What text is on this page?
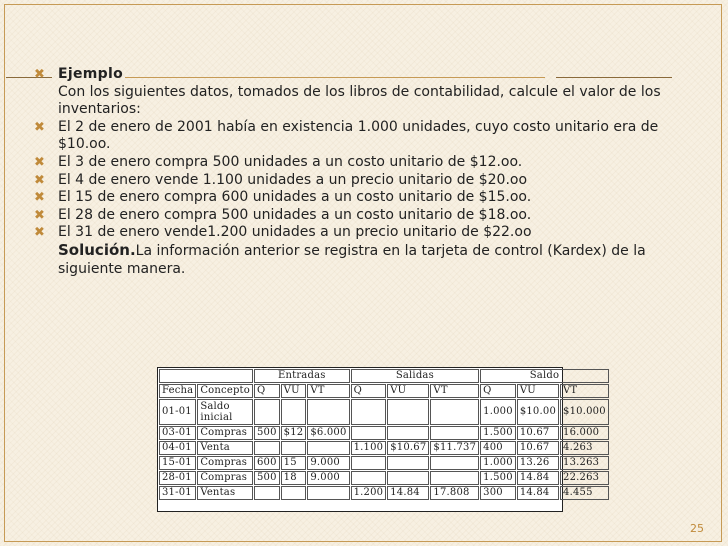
✖ Ejemplo
Con los siguientes datos, tomados de los libros de contabilidad, calcule el valor de los inventarios:
✖ El 2 de enero de 2001 había en existencia 1.000 unidades, cuyo costo unitario era de $10.oo.
✖ El 3 de enero compra 500 unidades a un costo unitario de $12.oo.
✖ El 4 de enero vende 1.100 unidades a un precio unitario de $20.oo
✖ El 15 de enero compra 600 unidades a un costo unitario de $15.oo.
✖ El 28 de enero compra 500 unidades a un costo unitario de $18.oo.
✖ El 31 de enero vende1.200 unidades a un precio unitario de $22.oo
Solución.La información anterior se registra en la tarjeta de control (Kardex) de la siguiente manera.
		Entradas			Salidas			Saldo		
Fecha	Concepto	Q	VU	VT	Q	VU	VT	Q	VU	VT
01-01	Saldo inicial							1.000	$10.00	$10.000
03-01	Compras	500	$12	$6.000				1.500	10.67	16.000
04-01	Venta				1.100	$10.67	$11.737	400	10.67	4.263
15-01	Compras	600	15	9.000				1.000	13.26	13.263
28-01	Compras	500	18	9.000				1.500	14.84	22.263
31-01	Ventas				1.200	14.84	17.808	300	14.84	4.455
25
